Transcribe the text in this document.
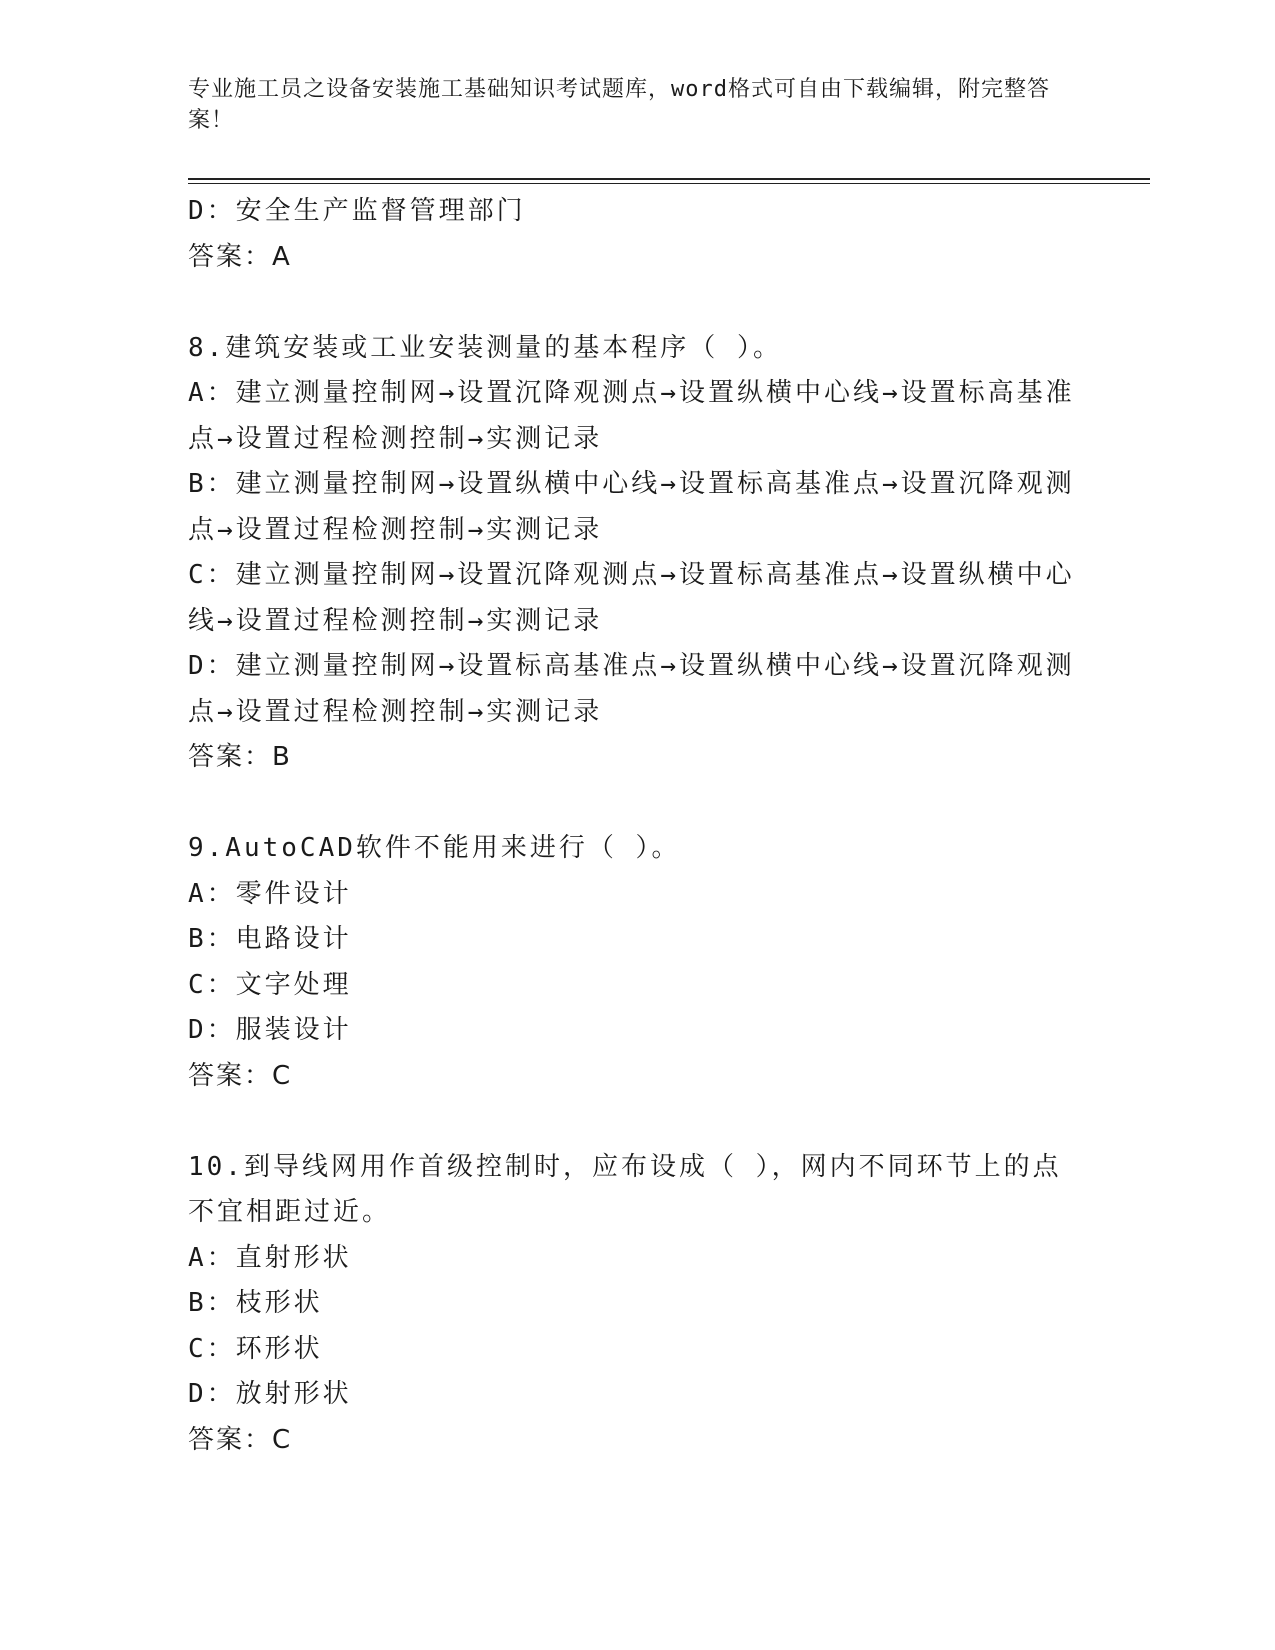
专业施工员之设备安装施工基础知识考试题库，word格式可自由下载编辑，附完整答案！
D：安全生产监督管理部门
答案：A
8.建筑安装或工业安装测量的基本程序（ ）。
A：建立测量控制网→设置沉降观测点→设置纵横中心线→设置标高基准点→设置过程检测控制→实测记录
B：建立测量控制网→设置纵横中心线→设置标高基准点→设置沉降观测点→设置过程检测控制→实测记录
C：建立测量控制网→设置沉降观测点→设置标高基准点→设置纵横中心线→设置过程检测控制→实测记录
D：建立测量控制网→设置标高基准点→设置纵横中心线→设置沉降观测点→设置过程检测控制→实测记录
答案：B
9.AutoCAD软件不能用来进行（ ）。
A：零件设计
B：电路设计
C：文字处理
D：服装设计
答案：C
10.到导线网用作首级控制时，应布设成（ ），网内不同环节上的点不宜相距过近。
A：直射形状
B：枝形状
C：环形状
D：放射形状
答案：C
